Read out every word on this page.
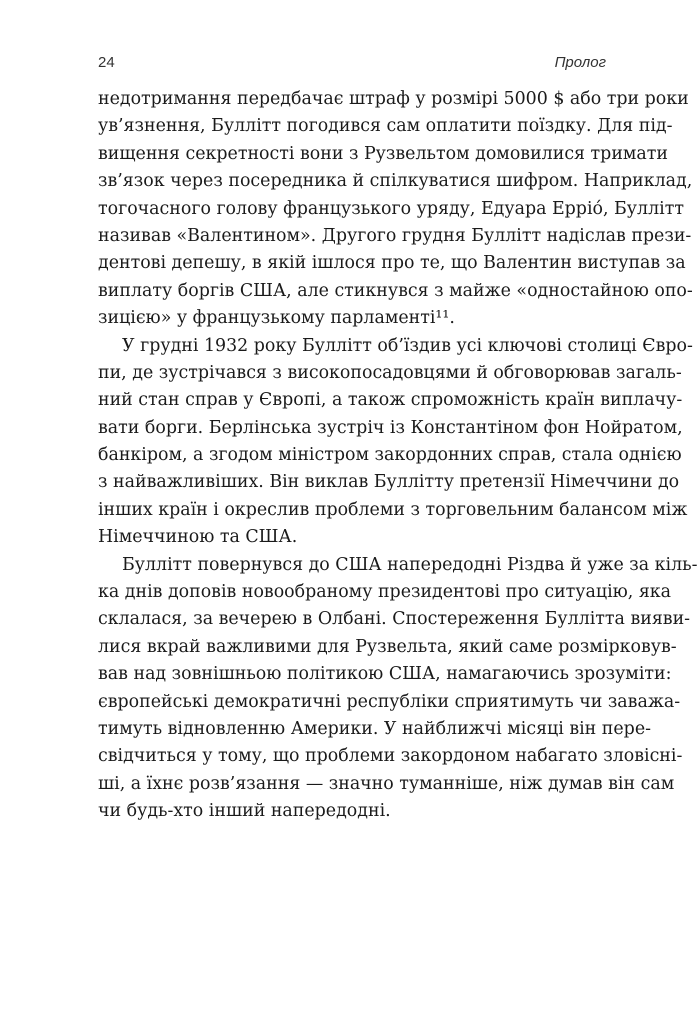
24	Пролог
недотримання передбачає штраф у розмірі 5000 $ або три роки
ув’язнення, Буллітт погодився сам оплатити поїздку. Для під-
вищення секретності вони з Рузвельтом домовилися тримати
зв’язок через посередника й спілкуватися шифром. Наприклад,
тогочасного голову французького уряду, Едуара Ерріó, Буллітт
називав «Валентином». Другого грудня Буллітт надіслав прези-
дентові депешу, в якій ішлося про те, що Валентин виступав за
виплату боргів США, але стикнувся з майже «одностайною опо-
зицією» у французькому парламенті¹¹.
У грудні 1932 року Буллітт об’їздив усі ключові столиці Євро-
пи, де зустрічався з високопосадовцями й обговорював загаль-
ний стан справ у Європі, а також спроможність країн виплачу-
вати борги. Берлінська зустріч із Константіном фон Нойратом,
банкіром, а згодом міністром закордонних справ, стала однією
з найважливіших. Він виклав Буллітту претензії Німеччини до
інших країн і окреслив проблеми з торговельним балансом між
Німеччиною та США.
Буллітт повернувся до США напередодні Різдва й уже за кіль-
ка днів доповів новообраному президентові про ситуацію, яка
склалася, за вечерею в Олбані. Спостереження Буллітта вияви-
лися вкрай важливими для Рузвельта, який саме розмірковув-
вав над зовнішньою політикою США, намагаючись зрозуміти:
європейські демократичні республіки сприятимуть чи заважа-
тимуть відновленню Америки. У найближчі місяці він пере-
свідчиться у тому, що проблеми закордоном набагато зловісні-
ші, а їхнє розв’язання — значно туманніше, ніж думав він сам
чи будь-хто інший напередодні.
